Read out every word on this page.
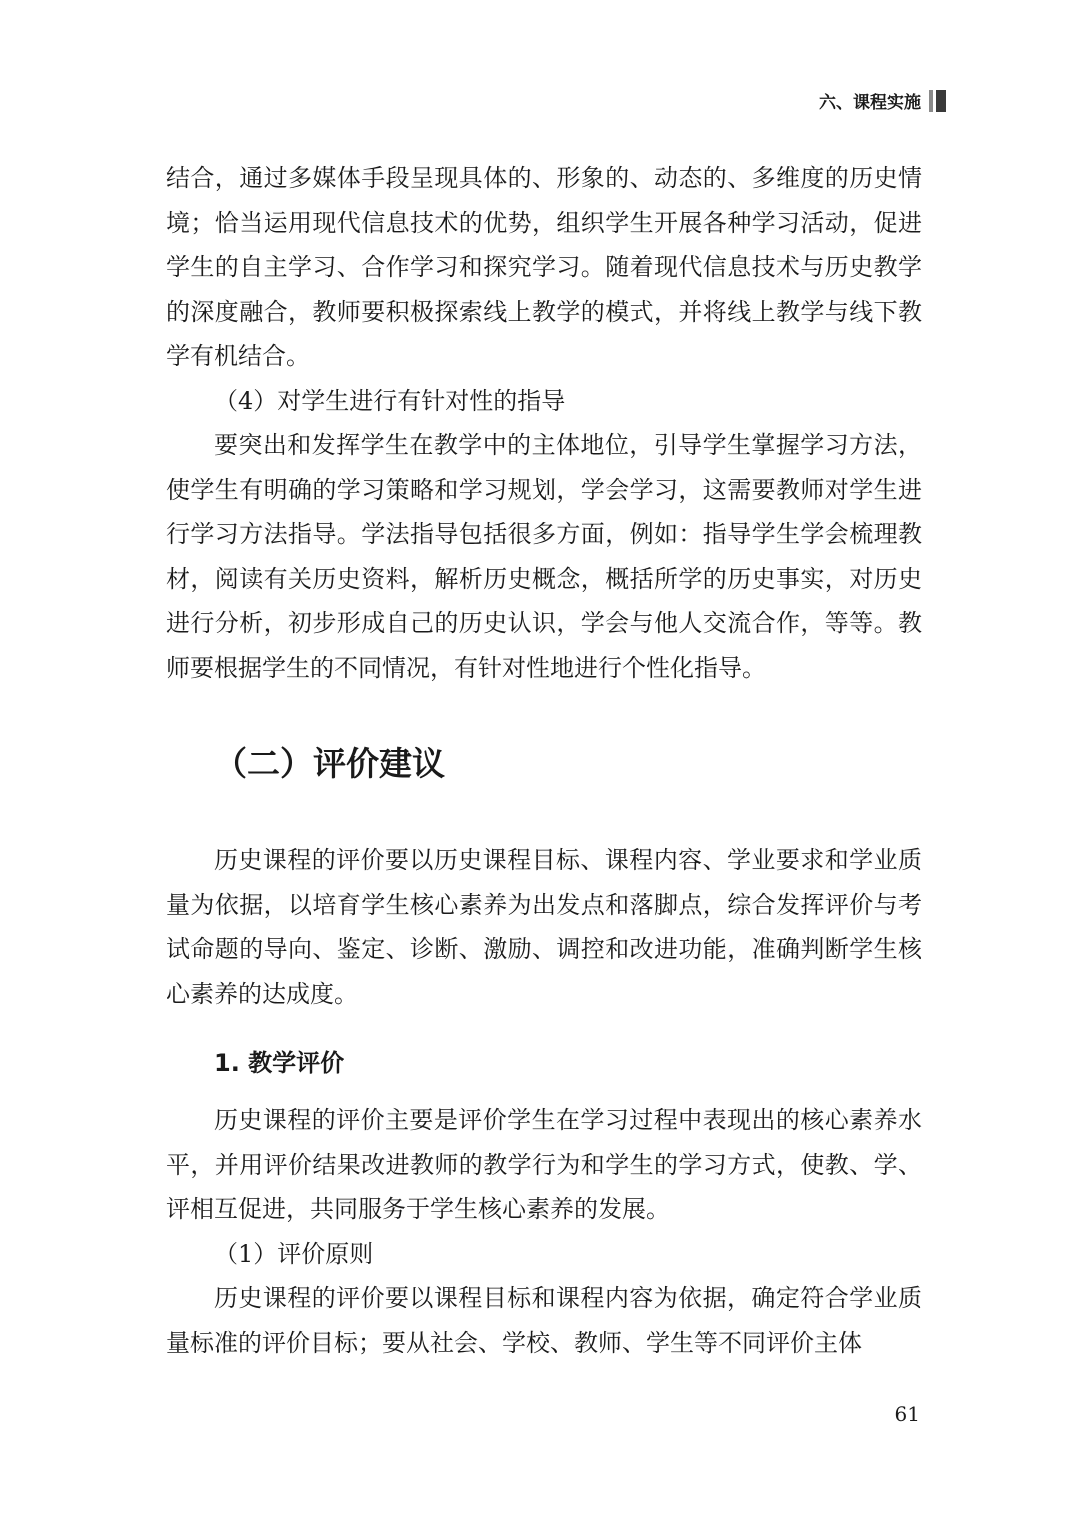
六、课程实施

结合，通过多媒体手段呈现具体的、形象的、动态的、多维度的历史情境；恰当运用现代信息技术的优势，组织学生开展各种学习活动，促进学生的自主学习、合作学习和探究学习。随着现代信息技术与历史教学的深度融合，教师要积极探索线上教学的模式，并将线上教学与线下教学有机结合。

（4）对学生进行有针对性的指导

要突出和发挥学生在教学中的主体地位，引导学生掌握学习方法，使学生有明确的学习策略和学习规划，学会学习，这需要教师对学生进行学习方法指导。学法指导包括很多方面，例如：指导学生学会梳理教材，阅读有关历史资料，解析历史概念，概括所学的历史事实，对历史进行分析，初步形成自己的历史认识，学会与他人交流合作，等等。教师要根据学生的不同情况，有针对性地进行个性化指导。

（二）评价建议

历史课程的评价要以历史课程目标、课程内容、学业要求和学业质量为依据，以培育学生核心素养为出发点和落脚点，综合发挥评价与考试命题的导向、鉴定、诊断、激励、调控和改进功能，准确判断学生核心素养的达成度。

1. 教学评价

历史课程的评价主要是评价学生在学习过程中表现出的核心素养水平，并用评价结果改进教师的教学行为和学生的学习方式，使教、学、评相互促进，共同服务于学生核心素养的发展。

（1）评价原则

历史课程的评价要以课程目标和课程内容为依据，确定符合学业质量标准的评价目标；要从社会、学校、教师、学生等不同评价主体

61
